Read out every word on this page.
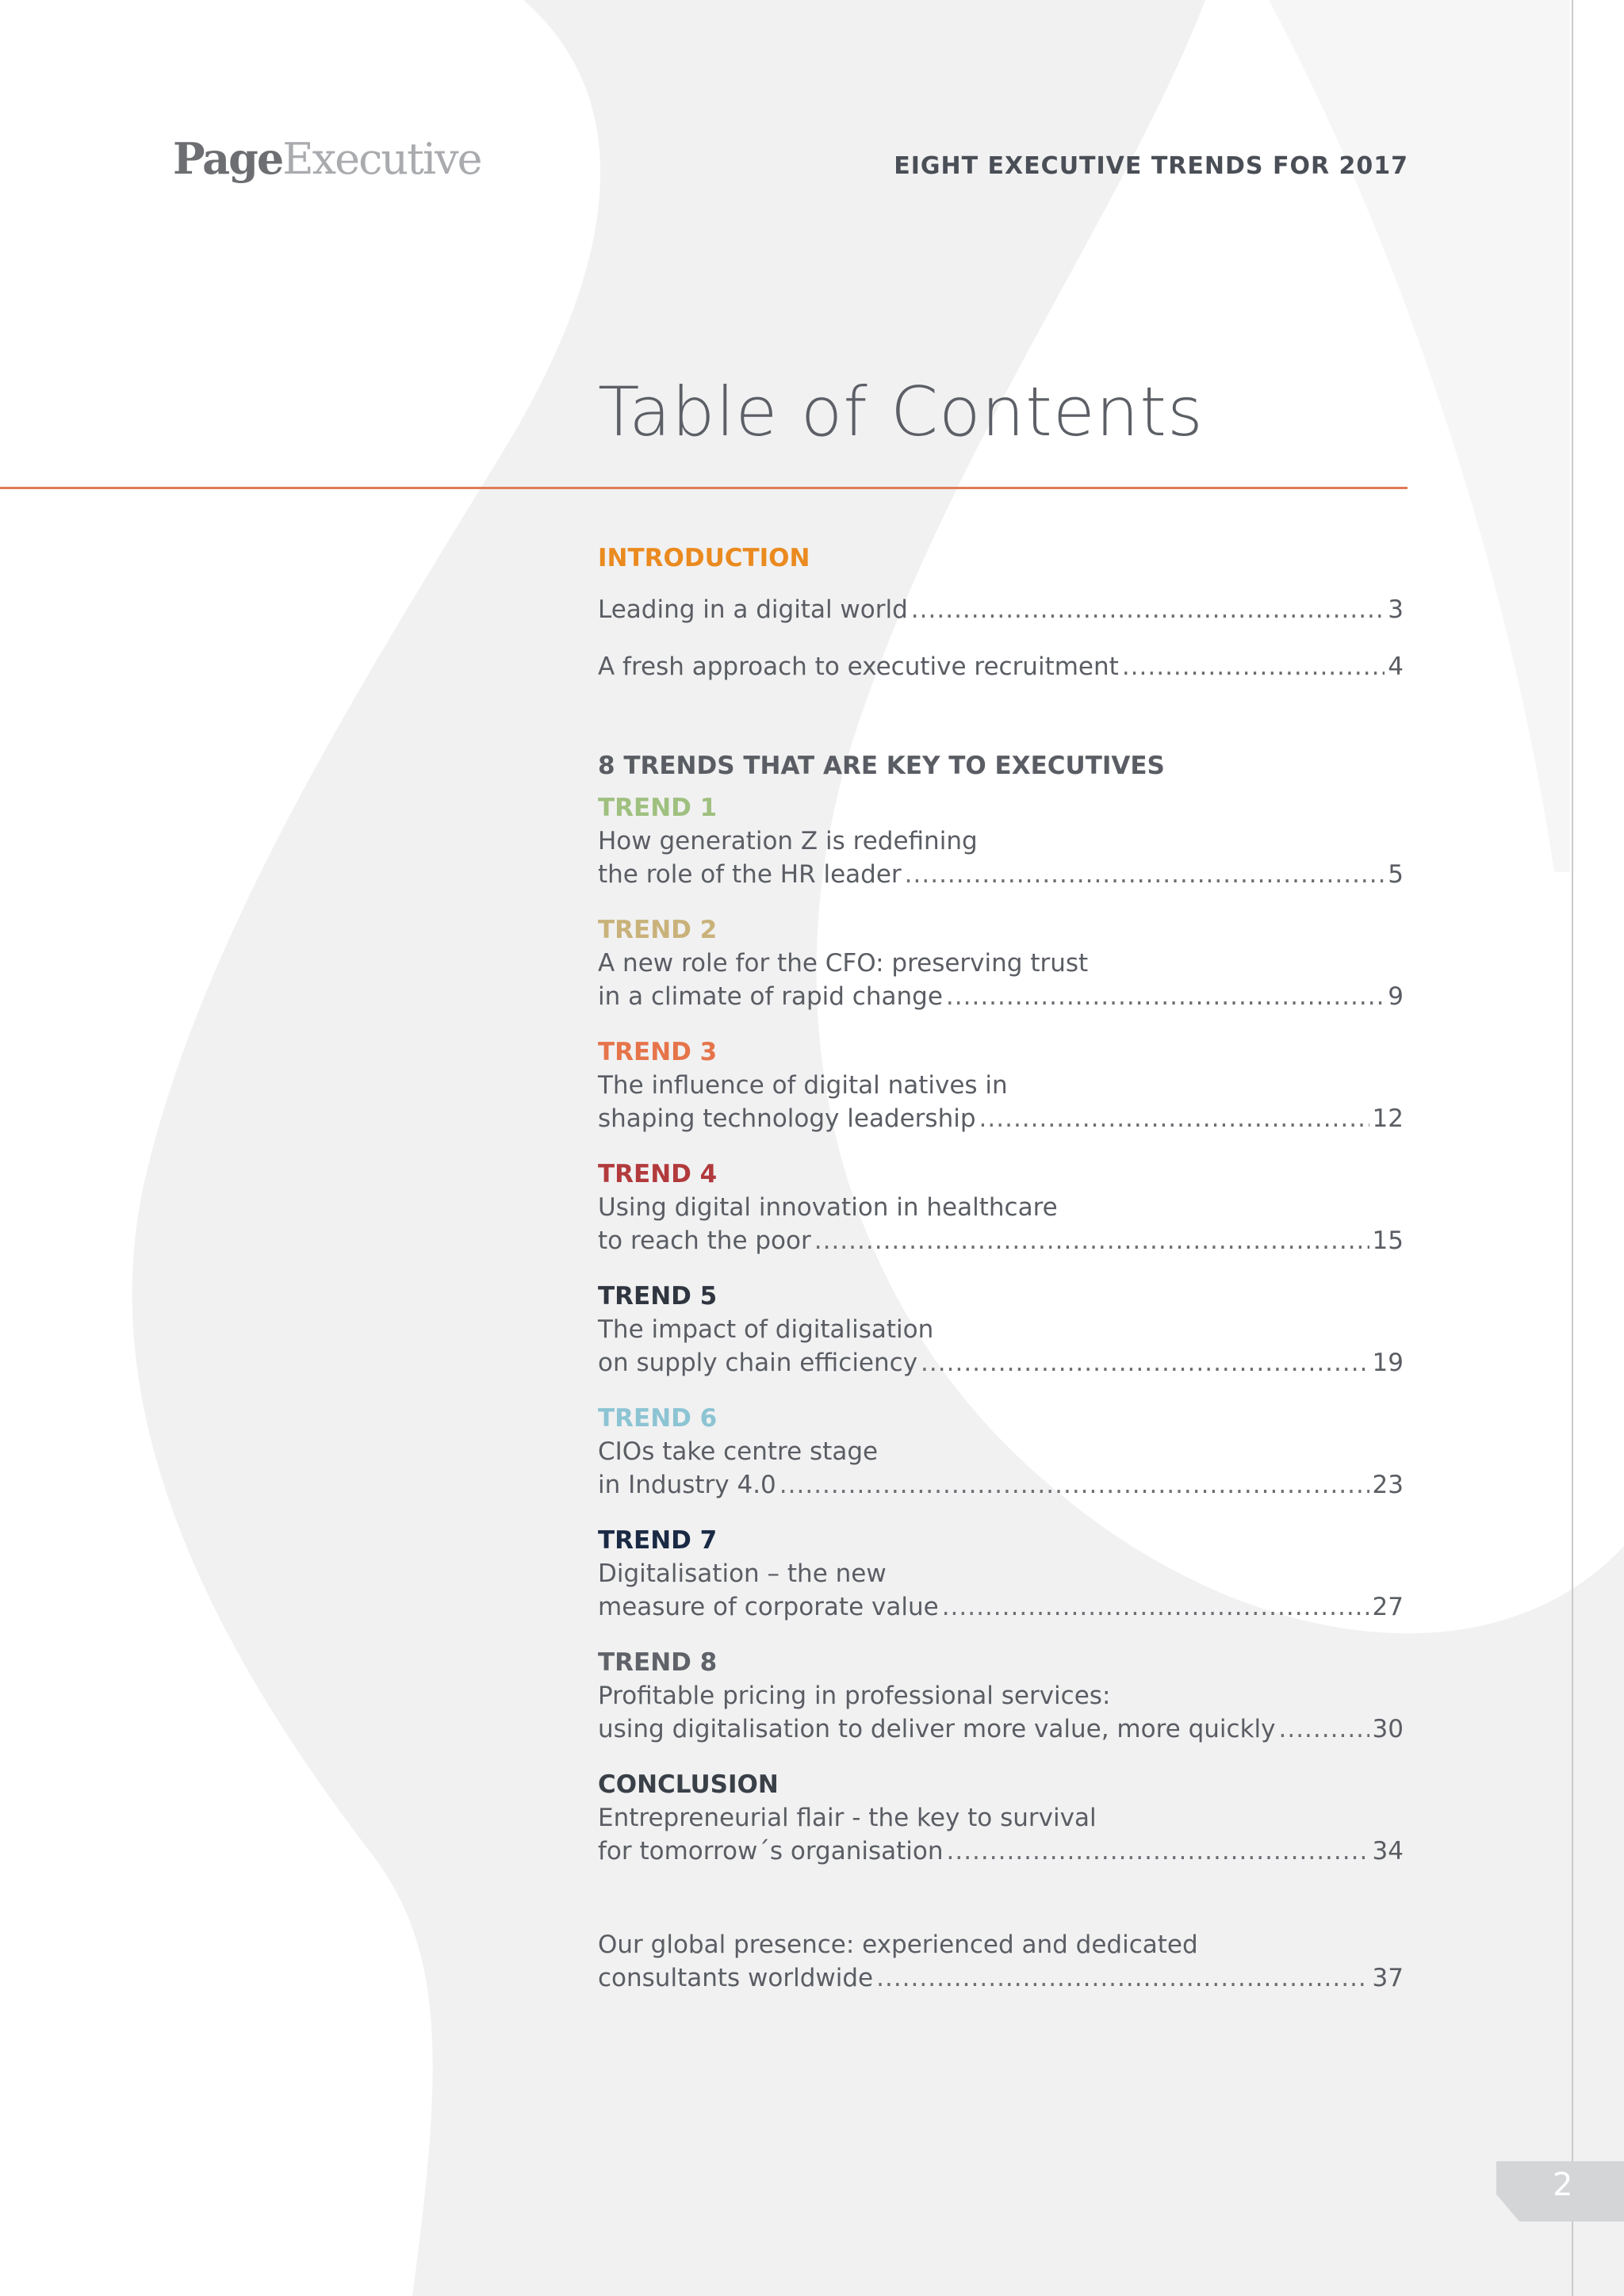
PageExecutive	EIGHT EXECUTIVE TRENDS FOR 2017
Table of Contents
INTRODUCTION
Leading in a digital world .....	3
A fresh approach to executive recruitment .....	4
8 TRENDS THAT ARE KEY TO EXECUTIVES
TREND 1
How generation Z is redefining
the role of the HR leader .....	5
TREND 2
A new role for the CFO: preserving trust
in a climate of rapid change .....	9
TREND 3
The influence of digital natives in
shaping technology leadership .....	12
TREND 4
Using digital innovation in healthcare
to reach the poor .....	15
TREND 5
The impact of digitalisation
on supply chain efficiency .....	19
TREND 6
CIOs take centre stage
in Industry 4.0 .....	23
TREND 7
Digitalisation – the new
measure of corporate value .....	27
TREND 8
Profitable pricing in professional services:
using digitalisation to deliver more value, more quickly .....	30
CONCLUSION
Entrepreneurial flair - the key to survival
for tomorrow´s organisation .....	34
Our global presence: experienced and dedicated
consultants worldwide .....	37
2
